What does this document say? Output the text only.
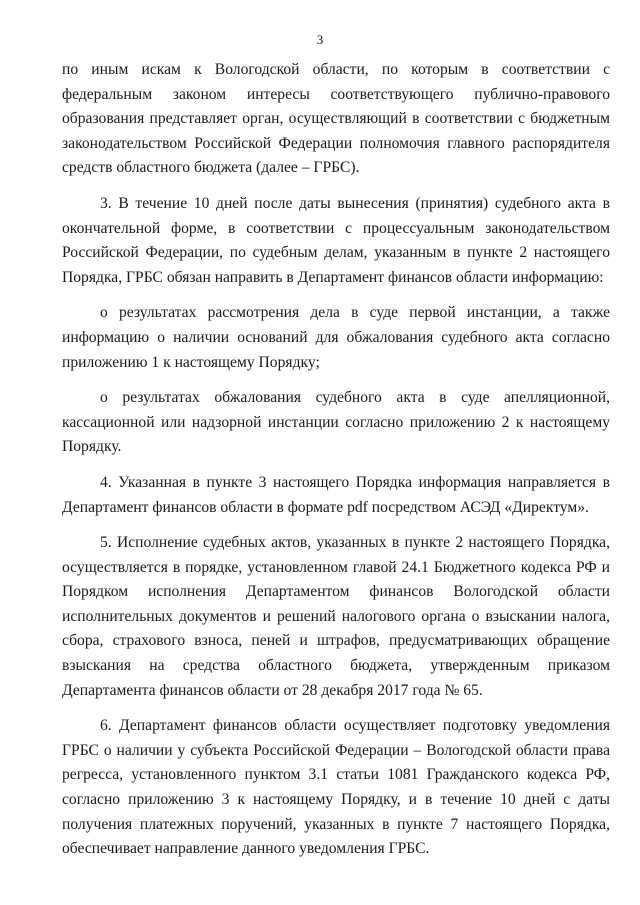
3

по иным искам к Вологодской области, по которым в соответствии с федеральным законом интересы соответствующего публично-правового образования представляет орган, осуществляющий в соответствии с бюджетным законодательством Российской Федерации полномочия главного распорядителя средств областного бюджета (далее – ГРБС).

3. В течение 10 дней после даты вынесения (принятия) судебного акта в окончательной форме, в соответствии с процессуальным законодательством Российской Федерации, по судебным делам, указанным в пункте 2 настоящего Порядка, ГРБС обязан направить в Департамент финансов области информацию:

о результатах рассмотрения дела в суде первой инстанции, а также информацию о наличии оснований для обжалования судебного акта согласно приложению 1 к настоящему Порядку;

о результатах обжалования судебного акта в суде апелляционной, кассационной или надзорной инстанции согласно приложению 2 к настоящему Порядку.

4. Указанная в пункте 3 настоящего Порядка информация направляется в Департамент финансов области в формате pdf посредством АСЭД «Директум».

5. Исполнение судебных актов, указанных в пункте 2 настоящего Порядка, осуществляется в порядке, установленном главой 24.1 Бюджетного кодекса РФ и Порядком исполнения Департаментом финансов Вологодской области исполнительных документов и решений налогового органа о взыскании налога, сбора, страхового взноса, пеней и штрафов, предусматривающих обращение взыскания на средства областного бюджета, утвержденным приказом Департамента финансов области от 28 декабря 2017 года № 65.

6. Департамент финансов области осуществляет подготовку уведомления ГРБС о наличии у субъекта Российской Федерации – Вологодской области права регресса, установленного пунктом 3.1 статьи 1081 Гражданского кодекса РФ, согласно приложению 3 к настоящему Порядку, и в течение 10 дней с даты получения платежных поручений, указанных в пункте 7 настоящего Порядка, обеспечивает направление данного уведомления ГРБС.
